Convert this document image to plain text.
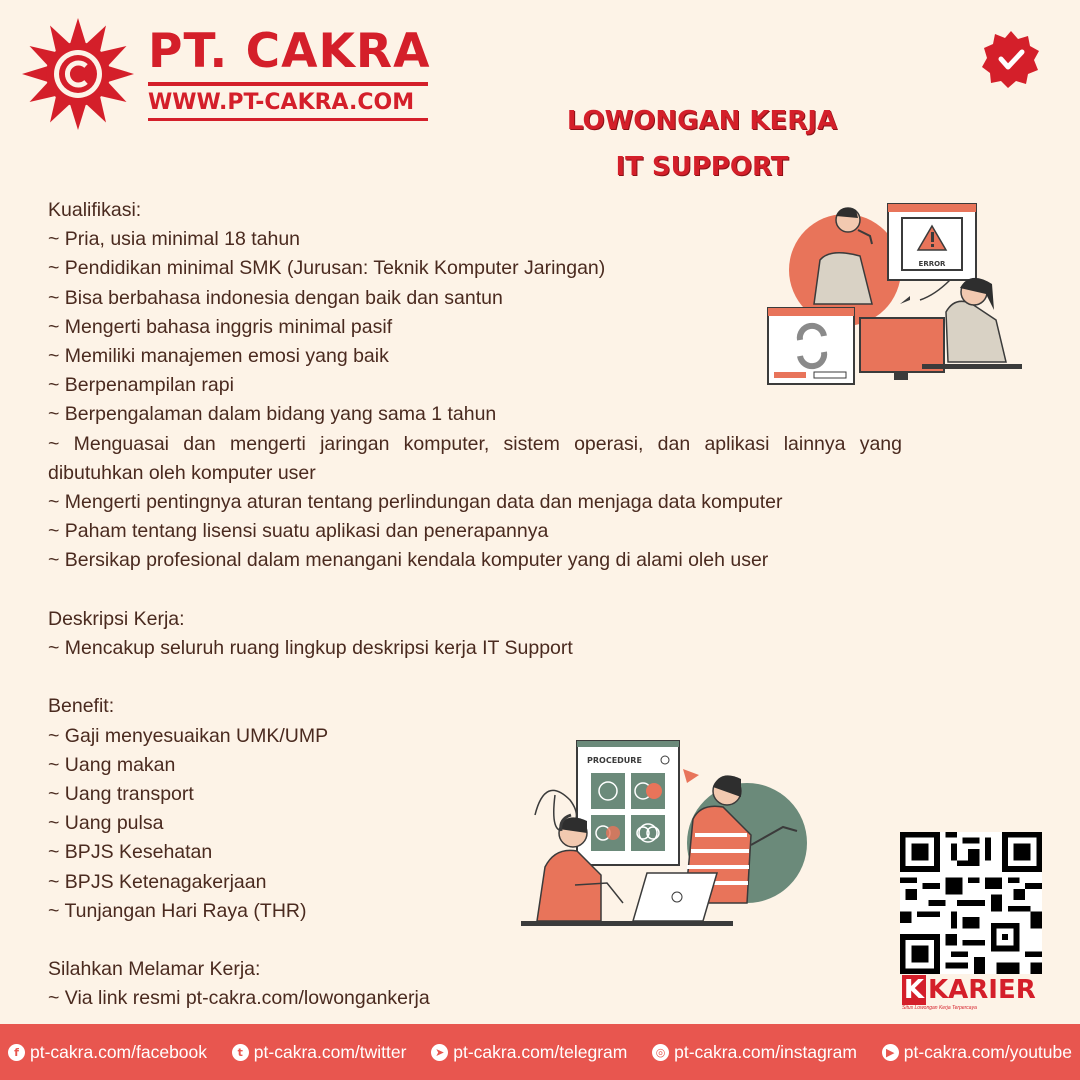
PT. CAKRA
WWW.PT-CAKRA.COM
LOWONGAN KERJA
IT SUPPORT
Kualifikasi:
~ Pria, usia minimal 18 tahun
~ Pendidikan minimal SMK (Jurusan: Teknik Komputer Jaringan)
~ Bisa berbahasa indonesia dengan baik dan santun
~ Mengerti bahasa inggris minimal pasif
~ Memiliki manajemen emosi yang baik
~ Berpenampilan rapi
~ Berpengalaman dalam bidang yang sama 1 tahun
~ Menguasai dan mengerti jaringan komputer, sistem operasi, dan aplikasi lainnya yang dibutuhkan oleh komputer user
~ Mengerti pentingnya aturan tentang perlindungan data dan menjaga data komputer
~ Paham tentang lisensi suatu aplikasi dan penerapannya
~ Bersikap profesional dalam menangani kendala komputer yang di alami oleh user
Deskripsi Kerja:
~ Mencakup seluruh ruang lingkup deskripsi kerja IT Support
Benefit:
~ Gaji menyesuaikan UMK/UMP
~ Uang makan
~ Uang transport
~ Uang pulsa
~ BPJS Kesehatan
~ BPJS Ketenagakerjaan
~ Tunjangan Hari Raya (THR)
Silahkan Melamar Kerja:
~ Via link resmi pt-cakra.com/lowongankerja
ERROR
PROCEDURE
K KARIER
Situs Lowongan Kerja Terpercaya
f pt-cakra.com/facebook	t pt-cakra.com/twitter	➤ pt-cakra.com/telegram	◎ pt-cakra.com/instagram	▶ pt-cakra.com/youtube
